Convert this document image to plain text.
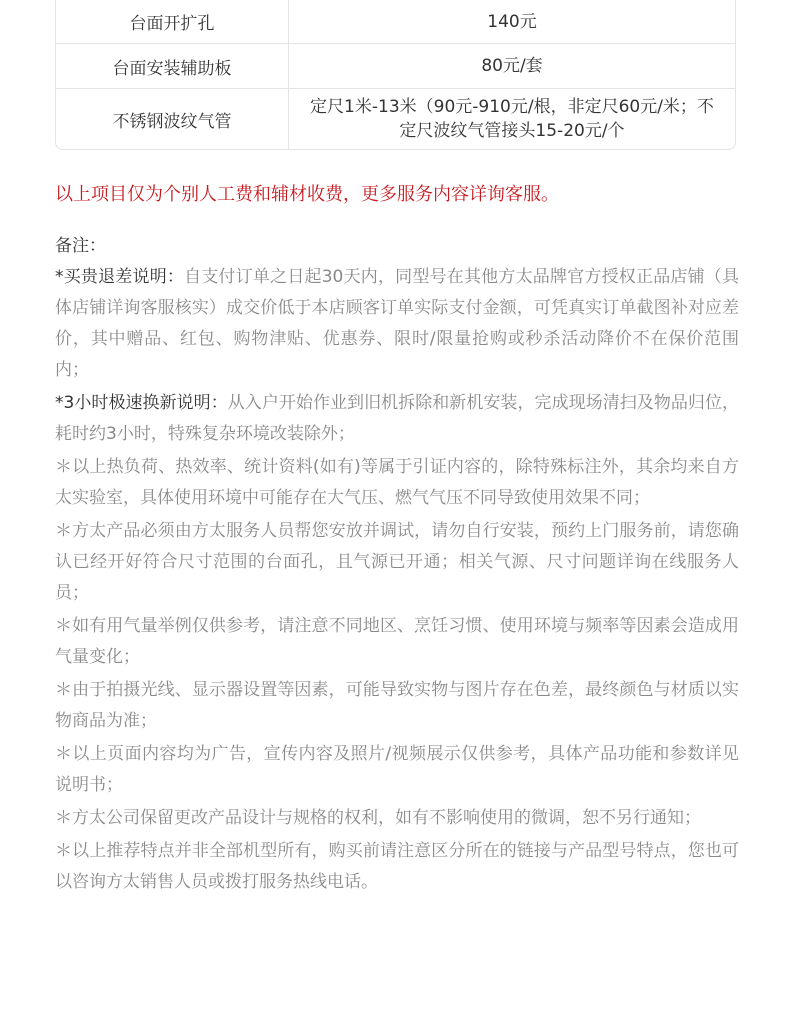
台面开扩孔	140元
台面安装辅助板	80元/套
不锈钢波纹气管
定尺1米-13米（90元-910元/根，非定尺60元/米；不定尺波纹气管接头15-20元/个
以上项目仅为个别人工费和辅材收费，更多服务内容详询客服。
备注：

*买贵退差说明：自支付订单之日起30天内，同型号在其他方太品牌官方授权正品店铺（具体店铺详询客服核实）成交价低于本店顾客订单实际支付金额，可凭真实订单截图补对应差价，其中赠品、红包、购物津贴、优惠券、限时/限量抢购或秒杀活动降价不在保价范围内；

*3小时极速换新说明：从入户开始作业到旧机拆除和新机安装，完成现场清扫及物品归位，耗时约3小时，特殊复杂环境改装除外；

＊以上热负荷、热效率、统计资料(如有)等属于引证内容的，除特殊标注外，其余均来自方太实验室，具体使用环境中可能存在大气压、燃气气压不同导致使用效果不同；

＊方太产品必须由方太服务人员帮您安放并调试，请勿自行安装，预约上门服务前，请您确认已经开好符合尺寸范围的台面孔，且气源已开通；相关气源、尺寸问题详询在线服务人员；

＊如有用气量举例仅供参考，请注意不同地区、烹饪习惯、使用环境与频率等因素会造成用气量变化；

＊由于拍摄光线、显示器设置等因素，可能导致实物与图片存在色差，最终颜色与材质以实物商品为准；

＊以上页面内容均为广告，宣传内容及照片/视频展示仅供参考，具体产品功能和参数详见说明书；

＊方太公司保留更改产品设计与规格的权利，如有不影响使用的微调，恕不另行通知；

＊以上推荐特点并非全部机型所有，购买前请注意区分所在的链接与产品型号特点，您也可以咨询方太销售人员或拨打服务热线电话。
